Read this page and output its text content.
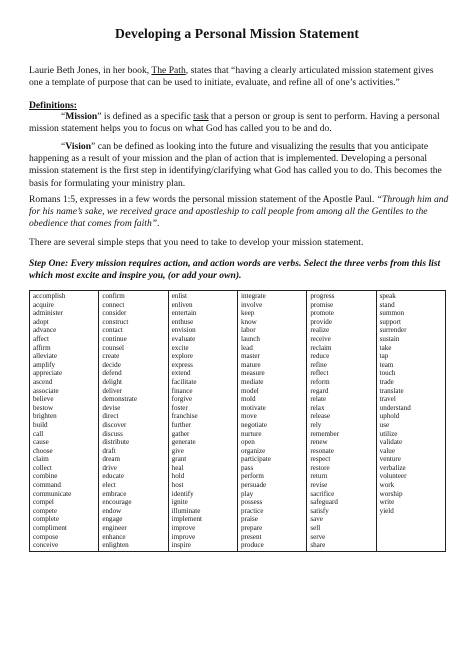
Developing a Personal Mission Statement

Laurie Beth Jones, in her book, The Path, states that “having a clearly articulated mission statement gives one a template of purpose that can be used to initiate, evaluate, and refine all of one’s activities.”

Definitions:

“Mission” is defined as a specific task that a person or group is sent to perform. Having a personal mission statement helps you to focus on what God has called you to be and do.

“Vision” can be defined as looking into the future and visualizing the results that you anticipate happening as a result of your mission and the plan of action that is implemented. Developing a personal mission statement is the first step in identifying/clarifying what God has called you to do. This becomes the basis for formulating your ministry plan.

Romans 1:5, expresses in a few words the personal mission statement of the Apostle Paul. “Through him and for his name’s sake, we received grace and apostleship to call people from among all the Gentiles to the obedience that comes from faith”.

There are several simple steps that you need to take to develop your mission statement.

Step One: Every mission requires action, and action words are verbs. Select the three verbs from this list which most excite and inspire you, (or add your own).

accomplish
acquire
administer
adopt
advance
affect
affirm
alleviate
amplify
appreciate
ascend
associate
believe
bestow
brighten
build
call
cause
choose
claim
collect
combine
command
communicate
compel
compete
complete
compliment
compose
conceive

confirm
connect
consider
construct
contact
continue
counsel
create
decide
defend
delight
deliver
demonstrate
devise
direct
discover
discuss
distribute
draft
dream
drive
educate
elect
embrace
encourage
endow
engage
engineer
enhance
enlighten

enlist
enliven
entertain
enthuse
envision
evaluate
excite
explore
express
extend
facilitate
finance
forgive
foster
franchise
further
gather
generate
give
grant
heal
hold
host
identify
ignite
illuminate
implement
improve
improve
inspire

integrate
involve
keep
know
labor
launch
lead
master
mature
measure
mediate
model
mold
motivate
move
negotiate
nurture
open
organize
participate
pass
perform
persuade
play
possess
practice
praise
prepare
present
produce

progress
promise
promote
provide
realize
receive
reclaim
reduce
refine
reflect
reform
regard
relate
relax
release
rely
remember
renew
resonate
respect
restore
return
revise
sacrifice
safeguard
satisfy
save
sell
serve
share

speak
stand
summon
support
surrender
sustain
take
tap
team
touch
trade
translate
travel
understand
uphold
use
utilize
validate
value
venture
verbalize
volunteer
work
worship
write
yield
